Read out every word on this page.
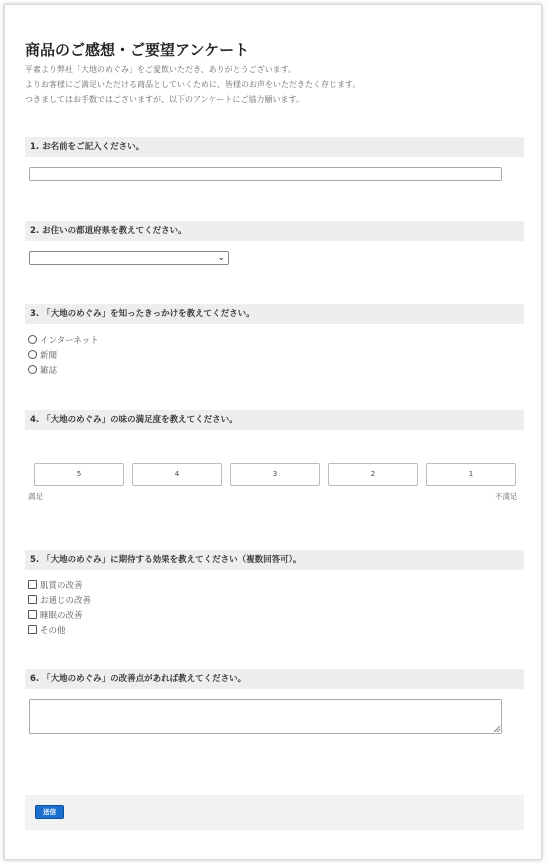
商品のご感想・ご要望アンケート
平素より弊社「大地のめぐみ」をご愛飲いただき、ありがとうございます。
よりお客様にご満足いただける商品としていくために、皆様のお声をいただきたく存じます。
つきましてはお手数ではございますが、以下のアンケートにご協力願います。
1. お名前をご記入ください。
2. お住いの都道府県を教えてください。
⌄
3. 「大地のめぐみ」を知ったきっかけを教えてください。
インターネット
新聞
雑誌
4. 「大地のめぐみ」の味の満足度を教えてください。
5	4	3	2	1
満足	不満足
5. 「大地のめぐみ」に期待する効果を教えてください（複数回答可）。
肌質の改善
お通じの改善
睡眠の改善
その他
6. 「大地のめぐみ」の改善点があれば教えてください。
送信
